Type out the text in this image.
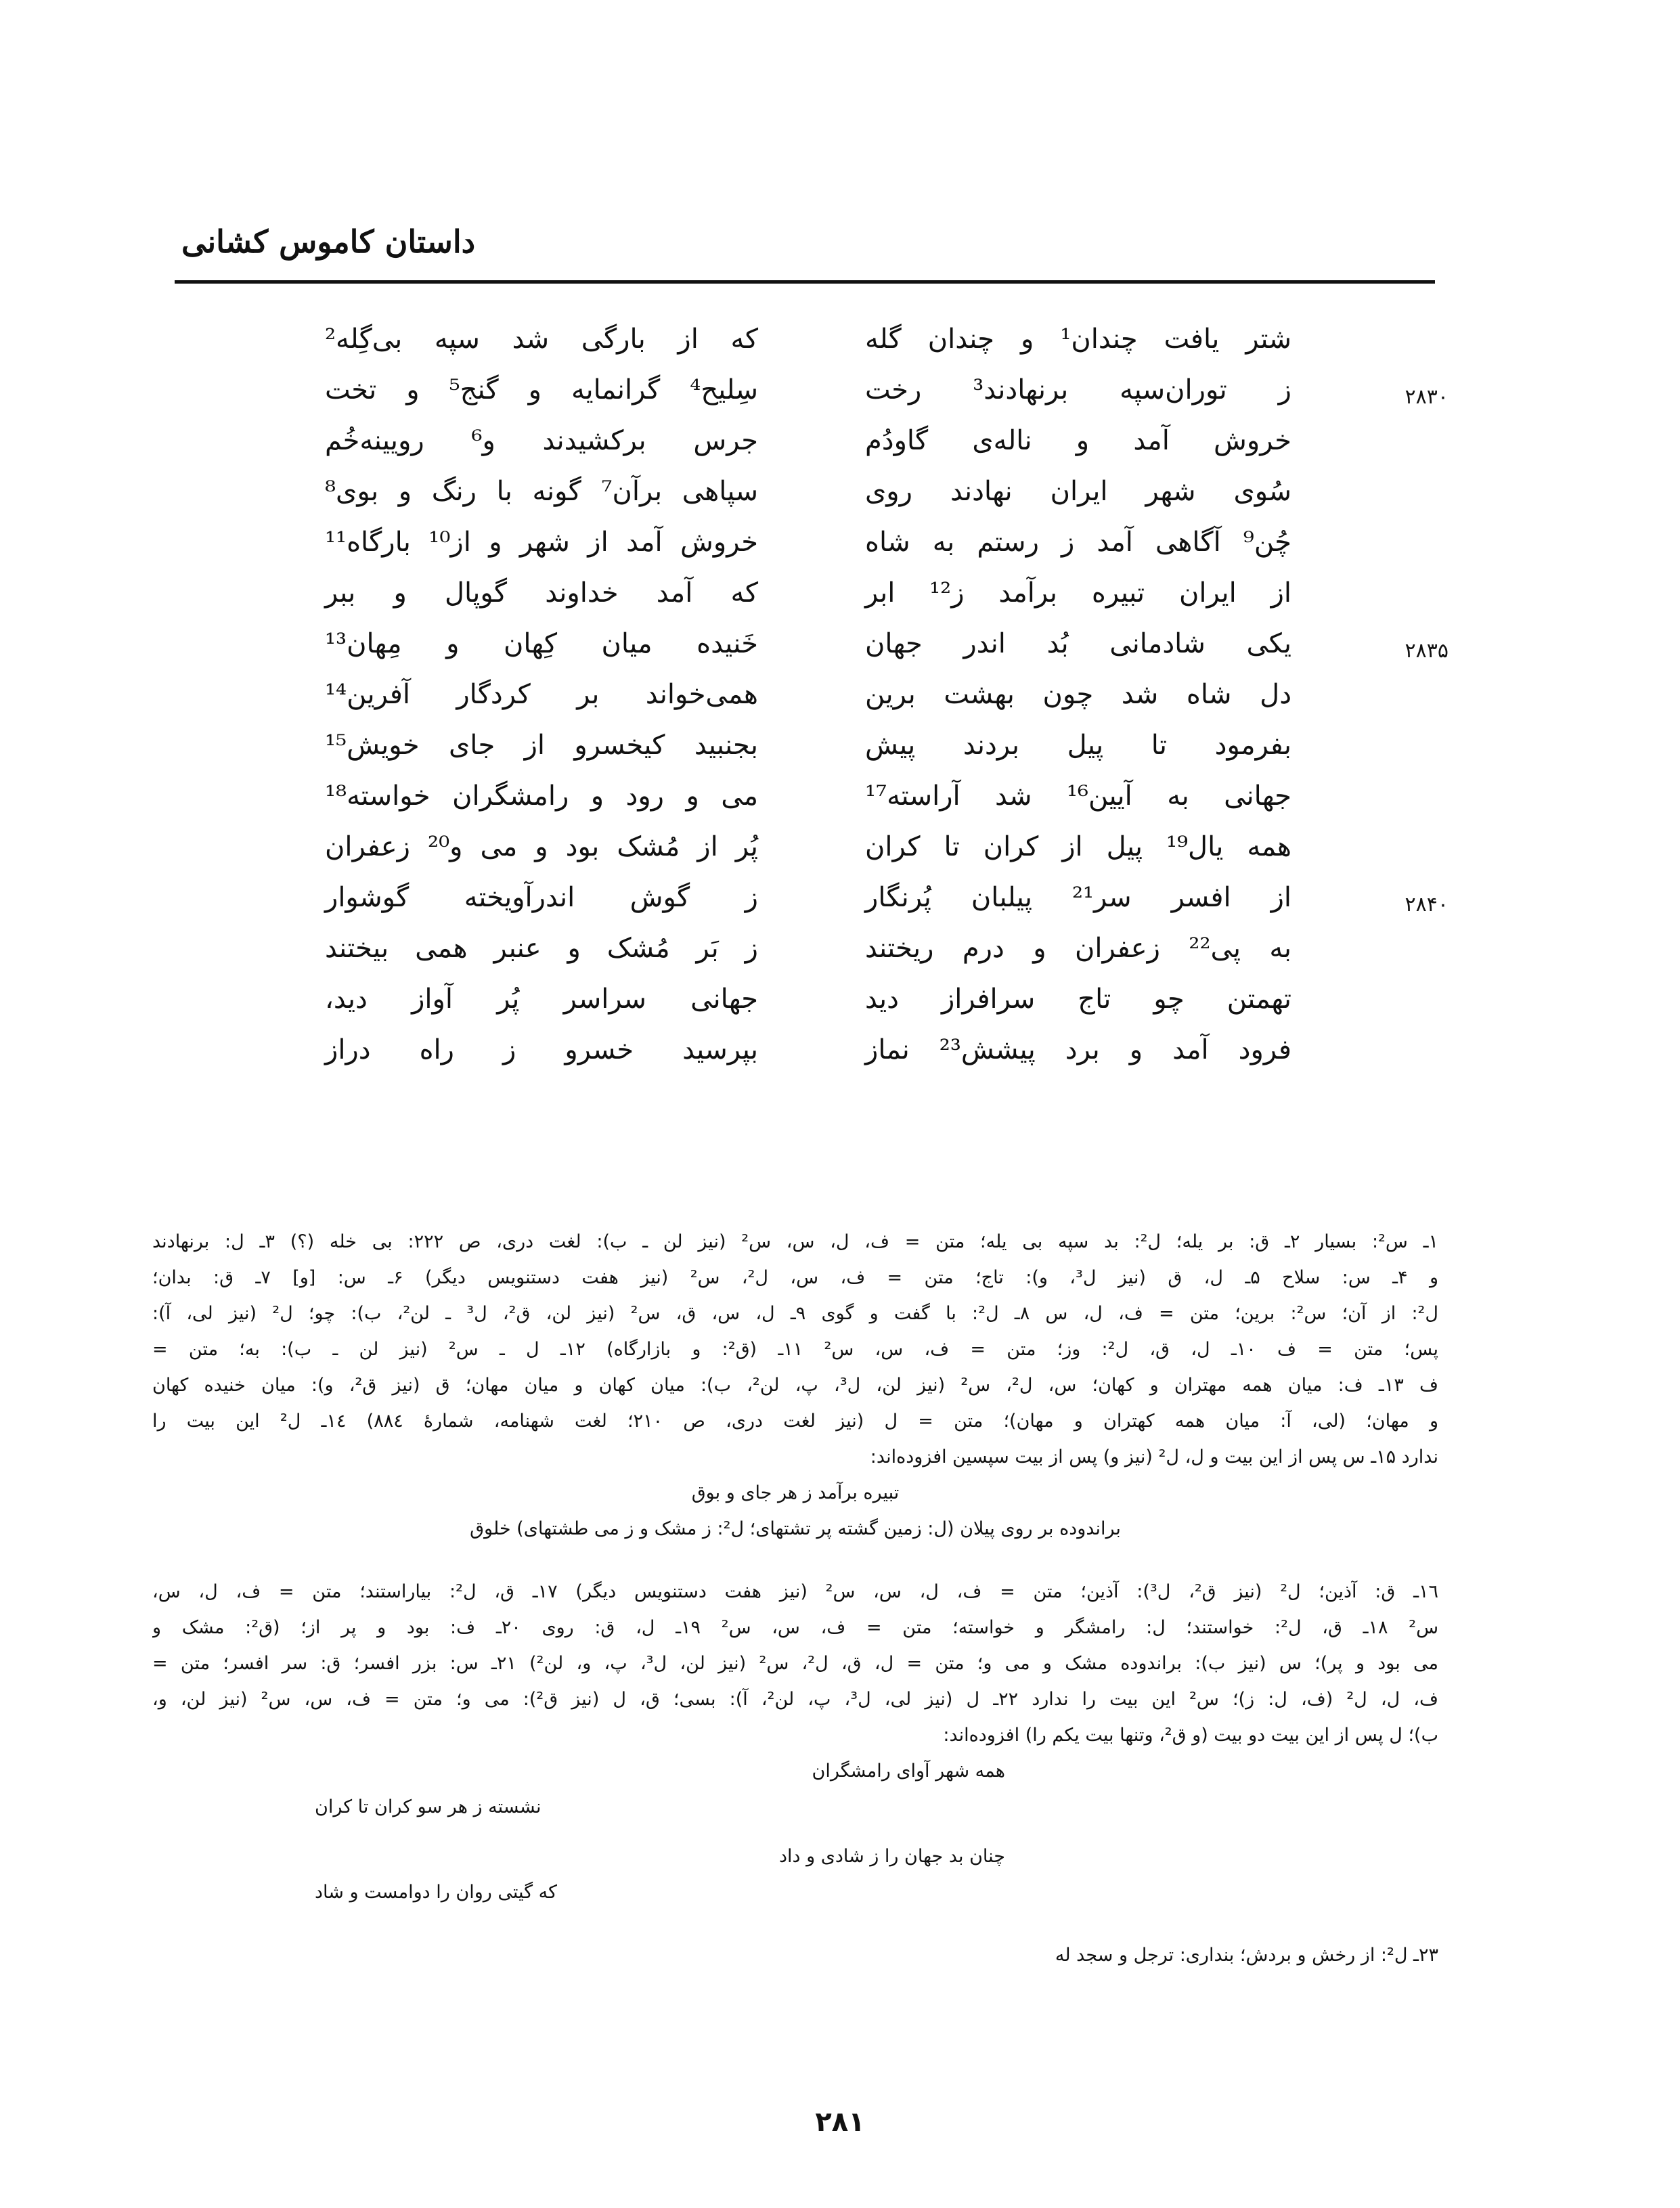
داستان کاموس کشانی
شتر یافت چندان¹ و چندان گله
که از بارگی شد سپه بی‌گِله²
۲۸۳۰
ز توران‌سپه برنهادند³ رخت
سِلیح⁴ گرانمایه و گنج⁵ و تخت
خروش آمد و ناله‌ی گاودُم
جرس برکشیدند و⁶ رویینه‌خُم
سُوی شهر ایران نهادند روی
سپاهی برآن⁷ گونه با رنگ و بوی⁸
چُن⁹ آگاهی آمد ز رستم به شاه
خروش آمد از شهر و از¹⁰ بارگاه¹¹
از ایران تبیره برآمد ز¹² ابر
که آمد خداوند گوپال و ببر
۲۸۳۵
یکی شادمانی بُد اندر جهان
خَنیده میان کِهان و مِهان¹³
دل شاه شد چون بهشت برین
همی‌خواند بر کردگار آفرین¹⁴
بفرمود تا پیل بردند پیش
بجنبید کیخسرو از جای خویش¹⁵
جهانی به آیین¹⁶ شد آراسته¹⁷
می و رود و رامشگران خواسته¹⁸
همه یال¹⁹ پیل از کران تا کران
پُر از مُشک بود و می و²⁰ زعفران
۲۸۴۰
از افسر سر²¹ پیلبان پُرنگار
ز گوش اندرآویخته گوشوار
به پی²² زعفران و درم ریختند
ز بَر مُشک و عنبر همی بیختند
تهمتن چو تاج سرافراز دید
جهانی سراسر پُر آواز دید،
فرود آمد و برد پیشش²³ نماز
بپرسید خسرو ز راه دراز
۱ـ س²: بسیار ۲ـ ق: بر یله؛ ل²: بد سپه بی یله؛ متن = ف، ل، س، س² (نیز لن ـ ب): لغت دری، ص ۲۲۲: بی خله (؟) ۳ـ ل: برنهادند
و ۴ـ س: سلاح ۵ـ ل، ق (نیز ل³، و): تاج؛ متن = ف، س، ل²، س² (نیز هفت دستنویس دیگر) ۶ـ س: [و] ۷ـ ق: بدان؛
ل²: از آن؛ س²: برین؛ متن = ف، ل، س ۸ـ ل²: با گفت و گوی ۹ـ ل، س، ق، س² (نیز لن، ق²، ل³ ـ لن²، ب): چو؛ ل² (نیز لی، آ):
پس؛ متن = ف ۱۰ـ ل، ق، ل²: وز؛ متن = ف، س، س² ۱۱ـ (ق²: و بازارگاه) ۱۲ـ ل ـ س² (نیز لن ـ ب): به؛ متن =
ف ۱۳ـ ف: میان همه مهتران و کهان؛ س، ل²، س² (نیز لن، ل³، پ، لن²، ب): میان کهان و میان مهان؛ ق (نیز ق²، و): میان خنیده کهان
و مهان؛ (لی، آ: میان همه کهتران و مهان)؛ متن = ل (نیز لغت دری، ص ۲۱۰؛ لغت شهنامه، شمارهٔ ۸۸٤) ۱٤ـ ل² این بیت را
ندارد ۱۵ـ س پس از این بیت و ل، ل² (نیز و) پس از بیت سپسین افزوده‌اند:
تبیره برآمد ز هر جای و بوق
براندوده بر روی پیلان (ل: زمین گشته پر تشتهای؛ ل²: ز مشک و ز می طشتهای) خلوق
۱٦ـ ق: آذین؛ ل² (نیز ق²، ل³): آذین؛ متن = ف، ل، س، س² (نیز هفت دستنویس دیگر) ۱۷ـ ق، ل²: بیاراستند؛ متن = ف، ل، س،
س² ۱۸ـ ق، ل²: خواستند؛ ل: رامشگر و خواسته؛ متن = ف، س، س² ۱۹ـ ل، ق: روی ۲۰ـ ف: بود و پر از؛ (ق²: مشک و
می بود و پر)؛ س (نیز ب): براندوده مشک و می و؛ متن = ل، ق، ل²، س² (نیز لن، ل³، پ، و، لن²) ۲۱ـ س: بزر افسر؛ ق: سر افسر؛ متن =
ف، ل، ل² (ف، ل: ز)؛ س² این بیت را ندارد ۲۲ـ ل (نیز لی، ل³، پ، لن²، آ): بسی؛ ق، ل (نیز ق²): می و؛ متن = ف، س، س² (نیز لن، و،
ب)؛ ل پس از این بیت دو بیت (و ق²، وتنها بیت یکم را) افزوده‌اند:
همه شهر آوای رامشگران
نشسته ز هر سو کران تا کران
چنان بد جهان را ز شادی و داد
که گیتی روان را دوامست و شاد
۲۳ـ ل²: از رخش و بردش؛ بنداری: ترجل و سجد له
۲۸۱
